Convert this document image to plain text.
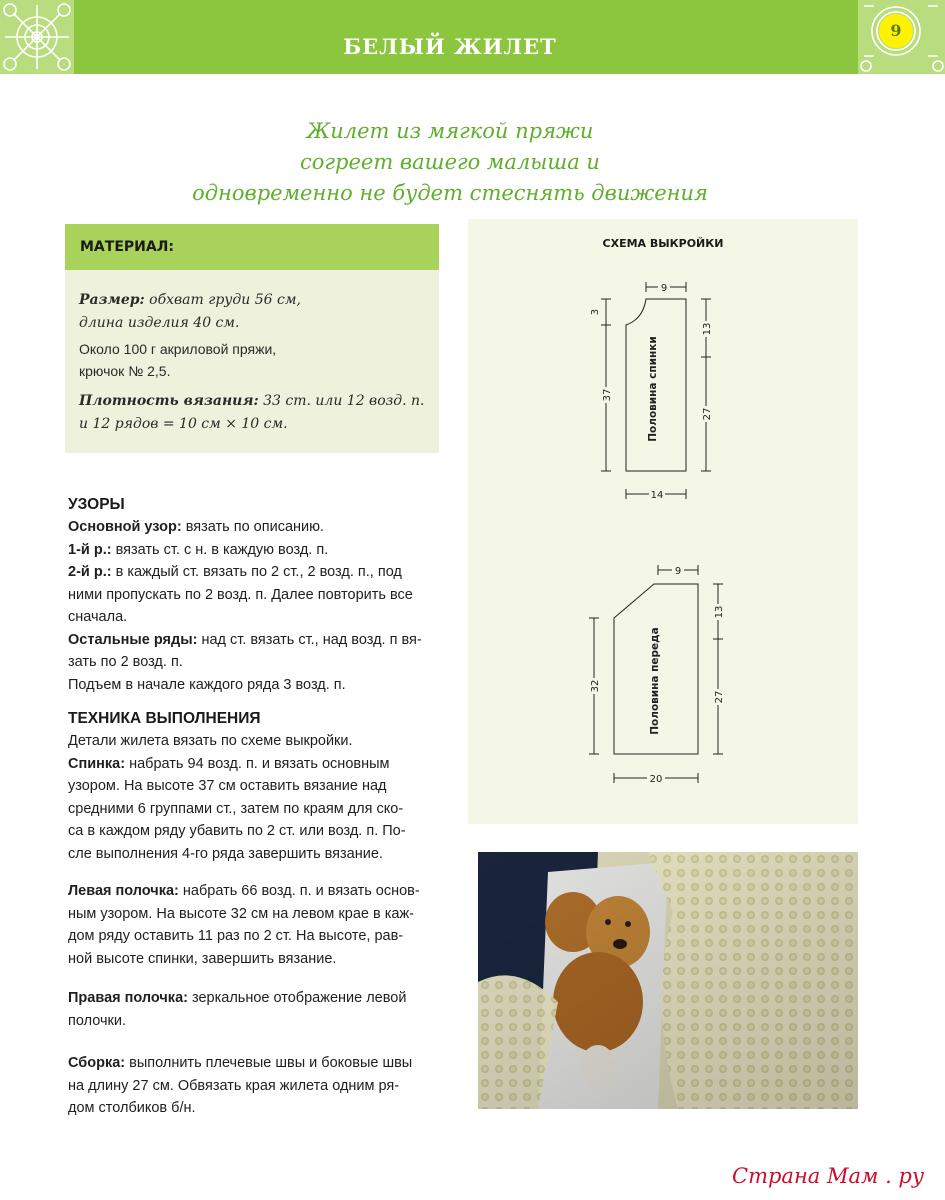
9
БЕЛЫЙ ЖИЛЕТ
Жилет из мягкой пряжи
согреет вашего малыша и
одновременно не будет стеснять движения
МАТЕРИАЛ:
Размер: обхват груди 56 см,
длина изделия 40 см.
Около 100 г акриловой пряжи,
крючок № 2,5.
Плотность вязания: 33 ст. или 12 возд. п.
и 12 рядов = 10 см × 10 см.
УЗОРЫ
Основной узор: вязать по описанию.
1-й р.: вязать ст. с н. в каждую возд. п.
2-й р.: в каждый ст. вязать по 2 ст., 2 возд. п., под
ними пропускать по 2 возд. п. Далее повторить все
сначала.
Остальные ряды: над ст. вязать ст., над возд. п вя-
зать по 2 возд. п.
Подъем в начале каждого ряда 3 возд. п.
ТЕХНИКА ВЫПОЛНЕНИЯ
Детали жилета вязать по схеме выкройки.
Спинка: набрать 94 возд. п. и вязать основным
узором. На высоте 37 см оставить вязание над
средними 6 группами ст., затем по краям для ско-
са в каждом ряду убавить по 2 ст. или возд. п. По-
сле выполнения 4-го ряда завершить вязание.
Левая полочка: набрать 66 возд. п. и вязать основ-
ным узором. На высоте 32 см на левом крае в каж-
дом ряду оставить 11 раз по 2 ст. На высоте, рав-
ной высоте спинки, завершить вязание.
Правая полочка: зеркальное отображение левой
полочки.
Сборка: выполнить плечевые швы и боковые швы
на длину 27 см. Обвязать края жилета одним ря-
дом столбиков б/н.
СХЕМА ВЫКРОЙКИ
9
14
3
37
13
27
Половина спинки
9
20
32
13
27
Половина переда
Страна Мам . ру
